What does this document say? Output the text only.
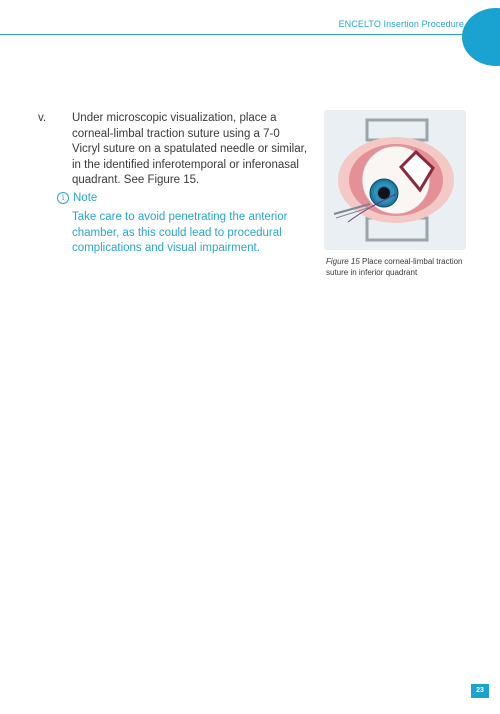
ENCELTO Insertion Procedure
v. Under microscopic visualization, place a corneal-limbal traction suture using a 7-0 Vicryl suture on a spatulated needle or similar, in the identified inferotemporal or inferonasal quadrant. See Figure 15.
i Note
Take care to avoid penetrating the anterior chamber, as this could lead to procedural complications and visual impairment.
Figure 15 Place corneal-limbal traction suture in inferior quadrant
23
